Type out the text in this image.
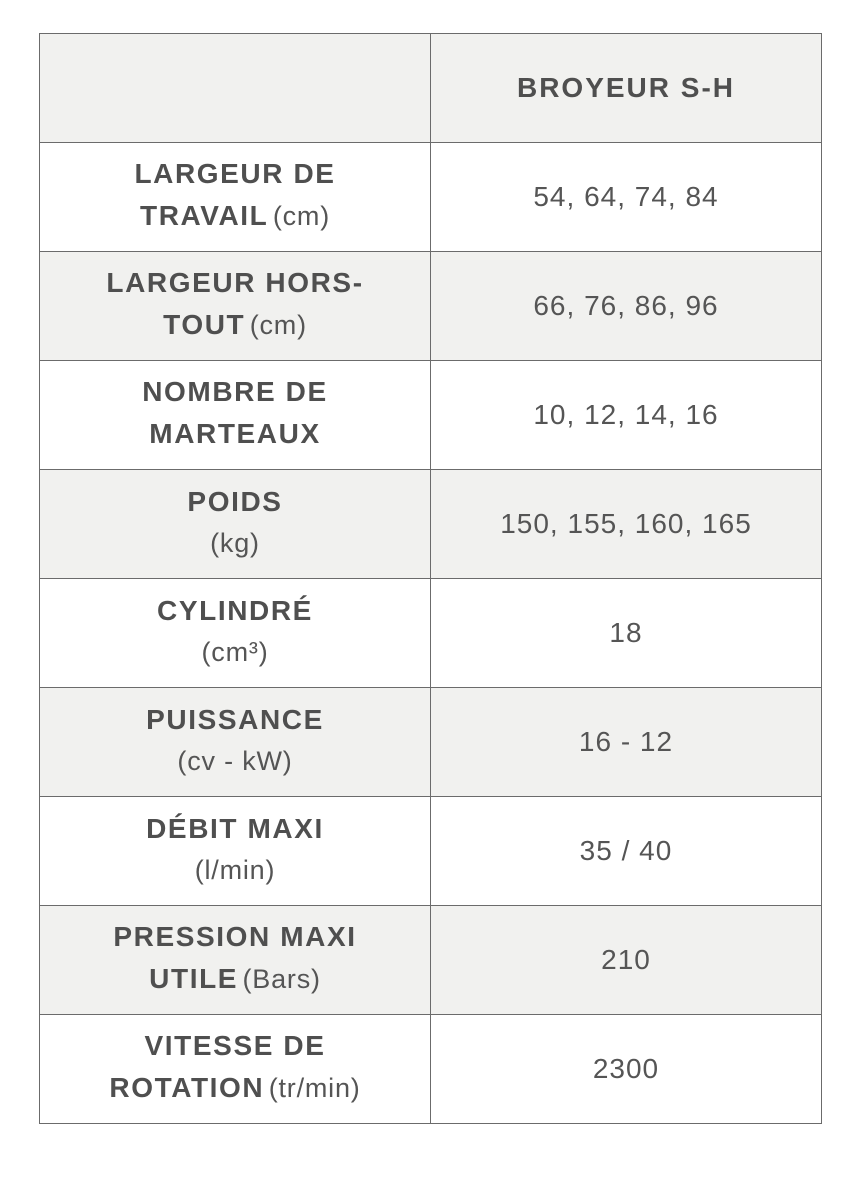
	BROYEUR S-H
LARGEUR DE
TRAVAIL (cm)	54, 64, 74, 84
LARGEUR HORS-
TOUT (cm)	66, 76, 86, 96
NOMBRE DE
MARTEAUX	10, 12, 14, 16
POIDS
(kg)	150, 155, 160, 165
CYLINDRÉ
(cm³)	18
PUISSANCE
(cv - kW)	16 - 12
DÉBIT MAXI
(l/min)	35 / 40
PRESSION MAXI
UTILE (Bars)	210
VITESSE DE
ROTATION (tr/min)	2300
